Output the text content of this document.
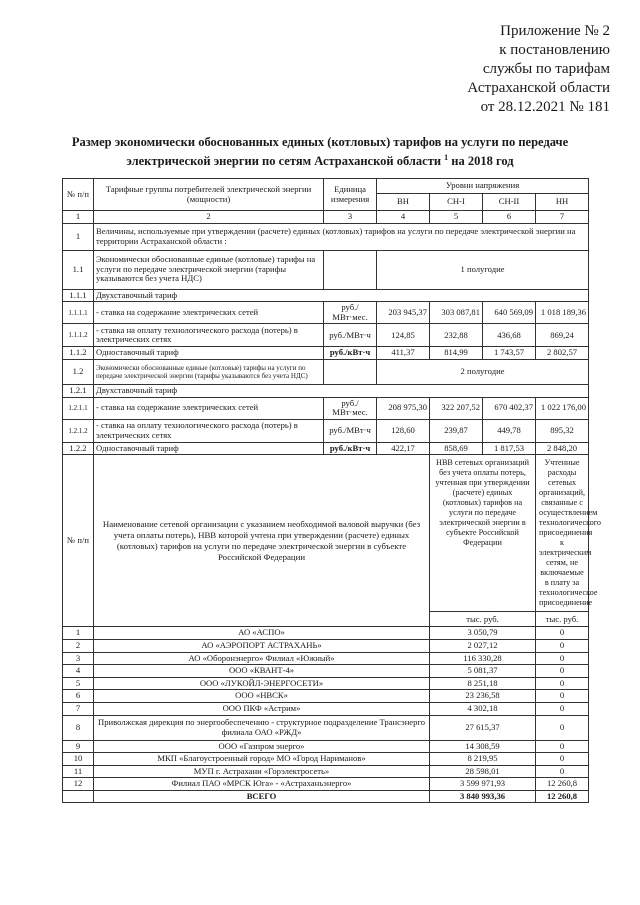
Приложение № 2
к постановлению
службы по тарифам
Астраханской области
от 28.12.2021 № 181
Размер экономически обоснованных единых (котловых) тарифов на услуги по передаче
электрической энергии по сетям Астраханской области $^1$ на 2018 год
№ п/п	Тарифные группы потребителей электрической энергии (мощности)	Единица измерения	Уровни напряжения			
			ВН	СН-I	СН-II	НН
1	2	3	4	5	6	7
1	Величины, используемые при утверждении (расчете) единых (котловых) тарифов на услуги по передаче электрической энергии на территории Астраханской области :					
1.1	Экономически обоснованные единые (котловые) тарифы на услуги по передаче электрической энергии (тарифы указываются без учета НДС)		1 полугодие			
1.1.1	Двухставочный тариф					
1.1.1.1	- ставка на содержание электрических сетей	руб./МВт·мес.	203 945,37	303 087,81	640 569,09	1 018 189,36
1.1.1.2	- ставка на оплату технологического расхода (потерь) в электрических сетях	руб./МВт·ч	124,85	232,88	436,68	869,24
1.1.2	Одноставочный тариф	руб./кВт·ч	411,37	814,99	1 743,57	2 802,57
1.2	Экономически обоснованные единые (котловые) тарифы на услуги по передаче электрической энергии (тарифы указываются без учета НДС)		2 полугодие			
1.2.1	Двухставочный тариф					
1.2.1.1	- ставка на содержание электрических сетей	руб./МВт·мес.	208 975,30	322 207,52	670 402,37	1 022 176,00
1.2.1.2	- ставка на оплату технологического расхода (потерь) в электрических сетях	руб./МВт·ч	128,60	239,87	449,78	895,32
1.2.2	Одноставочный тариф	руб./кВт·ч	422,17	858,69	1 817,53	2 848,20
№ п/п	Наименование сетевой организации с указанием необходимой валовой выручки (без учета оплаты потерь), НВВ которой учтена при утверждении (расчете) единых (котловых) тарифов на услуги по передаче электрической энергии в субъекте Российской Федерации			НВВ сетевых организаций без учета оплаты потерь, учтенная при утверждении (расчете) единых (котловых) тарифов на услуги по передаче электрической энергии в субъекте Российской Федерации		Учтенные расходы сетевых организаций, связанные с осуществлением технологического присоединения к электрическим сетям, не включаемые в плату за технологическое присоединение
				тыс. руб.		тыс. руб.
1	АО «АСПО»			3 050,79		0
2	АО «АЭРОПОРТ АСТРАХАНЬ»			2 027,12		0
3	АО «Оборонэнерго» Филиал «Южный»			116 330,28		0
4	ООО «КВАНТ-4»			5 081,37		0
5	ООО «ЛУКОЙЛ-ЭНЕРГОСЕТИ»			8 251,18		0
6	ООО «НВСК»			23 236,58		0
7	ООО ПКФ «Астрим»			4 302,18		0
8	Приволжская дирекция по энергообеспечению - структурное подразделение Трансэнерго филиала ОАО «РЖД»			27 615,37		0
9	ООО «Газпром энерго»			14 308,59		0
10	МКП «Благоустроенный город» МО «Город Нариманов»			8 219,95		0
11	МУП г. Астрахани «Горэлектросеть»			28 598,01		0
12	Филиал ПАО «МРСК Юга» - «Астраханьэнерго»			3 599 971,93		12 260,8
	ВСЕГО			3 840 993,36		12 260,8
